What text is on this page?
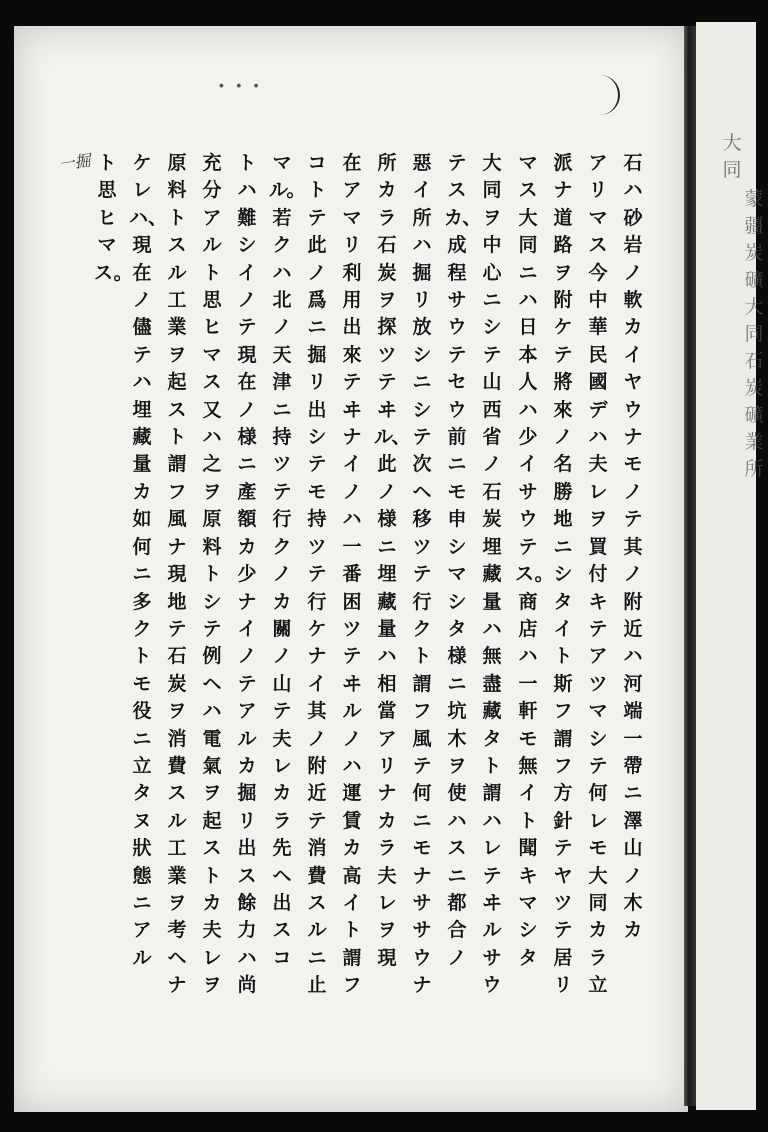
大同
蒙疆炭礦大同石炭礦業所
∙ ∙ ∙
一掘	石ハ砂岩ノ軟カイヤウナモノテ其ノ附近ハ河端一帶ニ澤山ノ木カ
アリマス今中華民國デハ夫レヲ買付キテアツマシテ何レモ大同カラ立
派ナ道路ヲ附ケテ將來ノ名勝地ニシタイト斯フ謂フ方針テヤツテ居リ
マス大同ニハ日本人ハ少イサウテス。商店ハ一軒モ無イト聞キマシタ
大同ヲ中心ニシテ山西省ノ石炭埋藏量ハ無盡藏タト謂ハレテヰルサウ
テスカ、成程サウテセウ前ニモ申シマシタ様ニ坑木ヲ使ハスニ都合ノ
惡イ所ハ掘リ放シニシテ次ヘ移ツテ行クト謂フ風テ何ニモナササウナ
所カラ石炭ヲ探ツテヰル、此ノ様ニ埋藏量ハ相當アリナカラ夫レヲ現
在アマリ利用出來テヰナイノハ一番困ツテヰルノハ運賃カ高イト謂フ
コトテ此ノ爲ニ掘リ出シテモ持ツテ行ケナイ其ノ附近テ消費スルニ止
マル。若クハ北ノ天津ニ持ツテ行クノカ關ノ山テ夫レカラ先ヘ出スコ
トハ難シイノテ現在ノ様ニ產額カ少ナイノテアルカ掘リ出ス餘力ハ尚
充分アルト思ヒマス又ハ之ヲ原料トシテ例ヘハ電氣ヲ起ストカ夫レヲ
原料トスル工業ヲ起スト謂フ風ナ現地テ石炭ヲ消費スル工業ヲ考ヘナ
ケレハ、現在ノ儘テハ埋藏量カ如何ニ多クトモ役ニ立タヌ狀態ニアル
ト思ヒマス。
